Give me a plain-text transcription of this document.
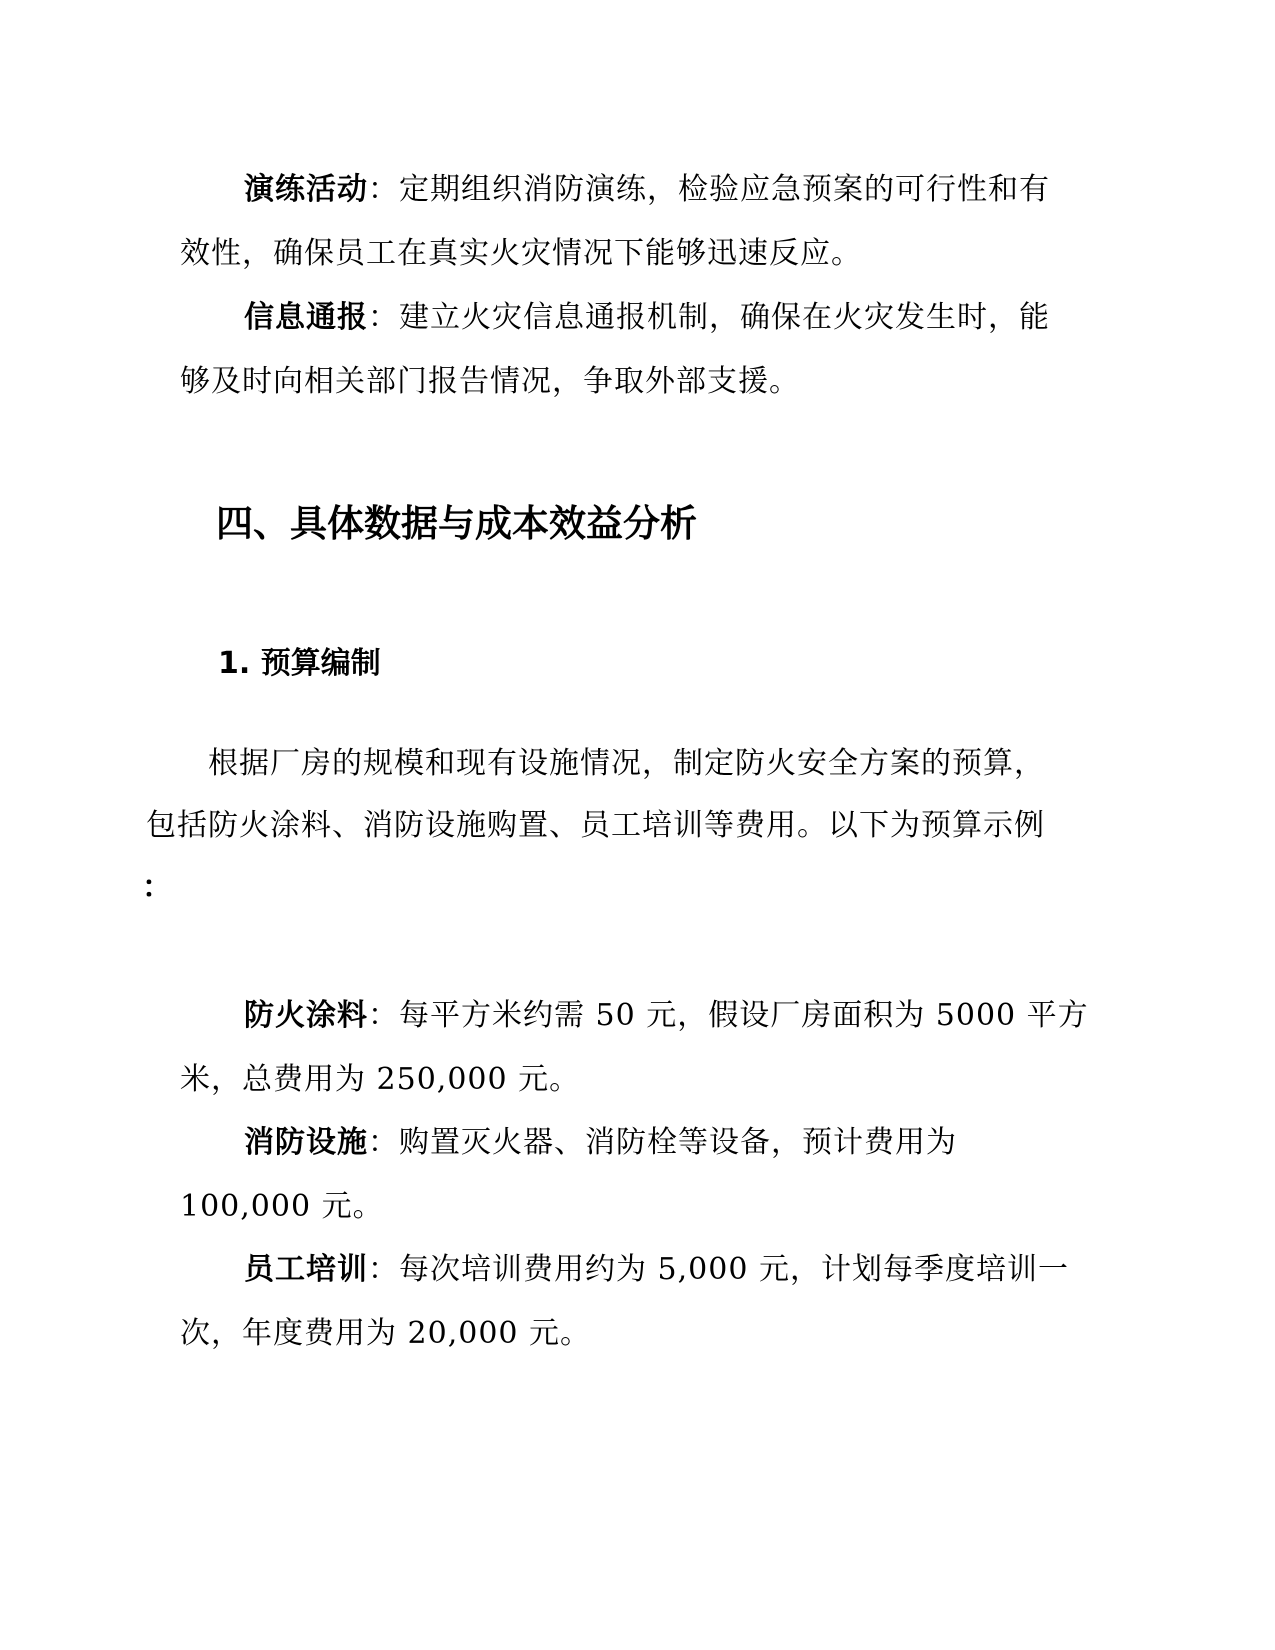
演练活动：定期组织消防演练，检验应急预案的可行性和有
效性，确保员工在真实火灾情况下能够迅速反应。
信息通报：建立火灾信息通报机制，确保在火灾发生时，能
够及时向相关部门报告情况，争取外部支援。
四、具体数据与成本效益分析
1. 预算编制
根据厂房的规模和现有设施情况，制定防火安全方案的预算，
包括防火涂料、消防设施购置、员工培训等费用。以下为预算示例
：
防火涂料：每平方米约需 50 元，假设厂房面积为 5000 平方
米，总费用为 250,000 元。
消防设施：购置灭火器、消防栓等设备，预计费用为
100,000 元。
员工培训：每次培训费用约为 5,000 元，计划每季度培训一
次，年度费用为 20,000 元。
